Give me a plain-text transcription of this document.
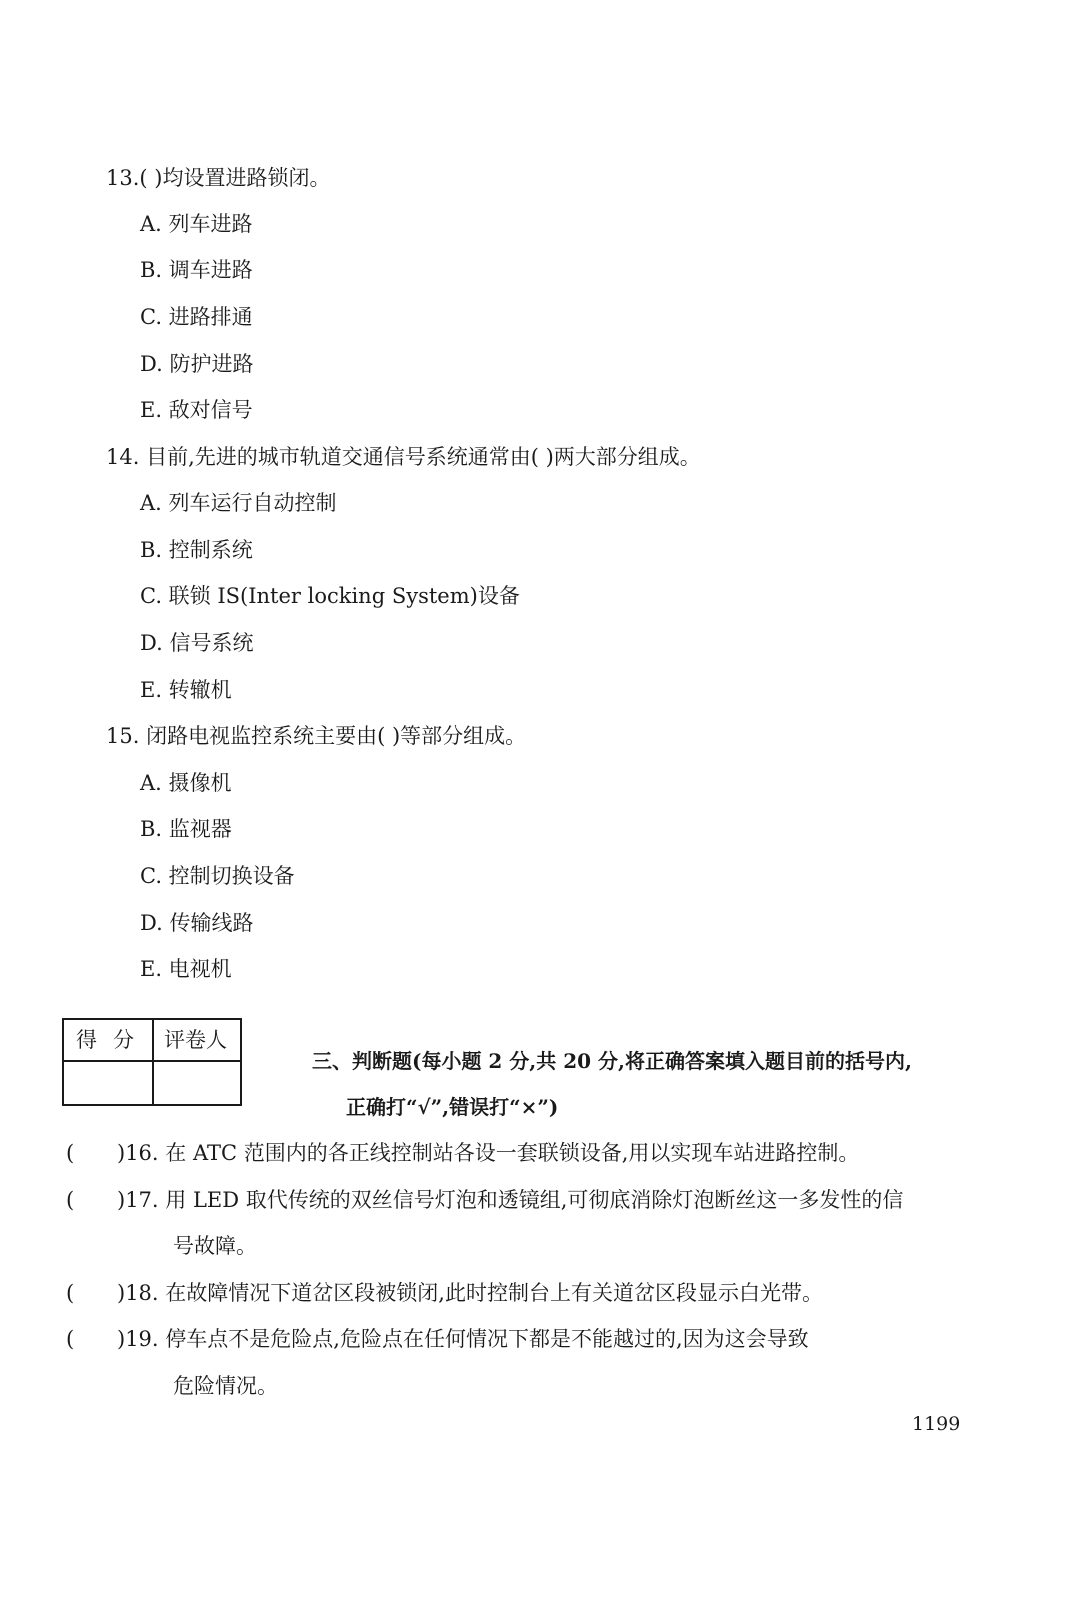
13.( )均设置进路锁闭。
A. 列车进路
B. 调车进路
C. 进路排通
D. 防护进路
E. 敌对信号
14. 目前,先进的城市轨道交通信号系统通常由( )两大部分组成。
A. 列车运行自动控制
B. 控制系统
C. 联锁 IS(Inter locking System)设备
D. 信号系统
E. 转辙机
15. 闭路电视监控系统主要由( )等部分组成。
A. 摄像机
B. 监视器
C. 控制切换设备
D. 传输线路
E. 电视机
得分 评卷人
三、判断题(每小题 2 分,共 20 分,将正确答案填入题目前的括号内,
正确打“√”,错误打“×”)
( )16. 在 ATC 范围内的各正线控制站各设一套联锁设备,用以实现车站进路控制。
( )17. 用 LED 取代传统的双丝信号灯泡和透镜组,可彻底消除灯泡断丝这一多发性的信
号故障。
( )18. 在故障情况下道岔区段被锁闭,此时控制台上有关道岔区段显示白光带。
( )19. 停车点不是危险点,危险点在任何情况下都是不能越过的,因为这会导致
危险情况。
1199
